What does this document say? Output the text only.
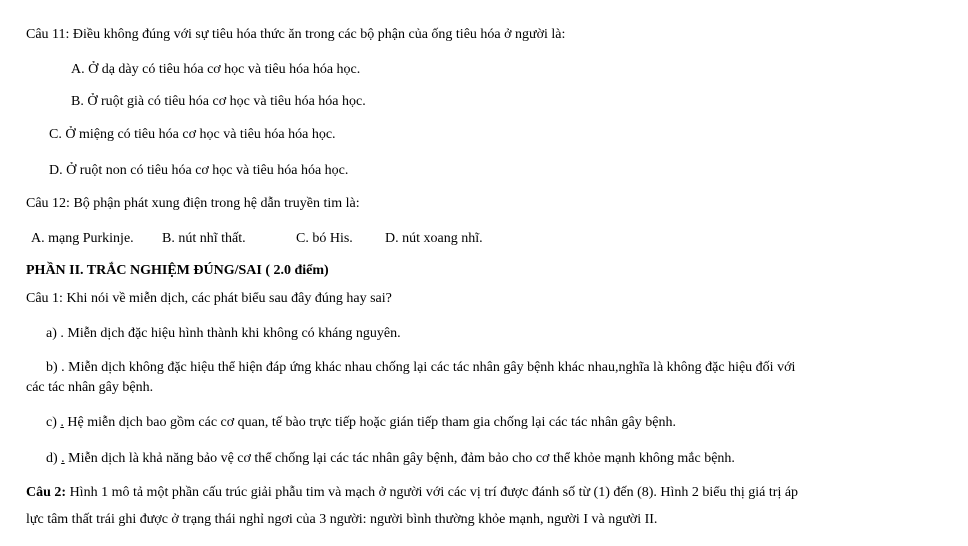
Câu 11: Điều không đúng với sự tiêu hóa thức ăn trong các bộ phận của ống tiêu hóa ở người là:
A. Ở dạ dày có tiêu hóa cơ học và tiêu hóa hóa học.
B. Ở ruột già có tiêu hóa cơ học và tiêu hóa hóa học.
C. Ở miệng có tiêu hóa cơ học và tiêu hóa hóa học.
D. Ở ruột non có tiêu hóa cơ học và tiêu hóa hóa học.
Câu 12: Bộ phận phát xung điện trong hệ dẫn truyền tim là:
A. mạng Purkinje. B. nút nhĩ thất.	C. bó His. D. nút xoang nhĩ.
PHẦN II. TRẮC NGHIỆM ĐÚNG/SAI ( 2.0 điểm)
Câu 1: Khi nói về miễn dịch, các phát biểu sau đây đúng hay sai?
a) . Miễn dịch đặc hiệu hình thành khi không có kháng nguyên.
b) . Miễn dịch không đặc hiệu thể hiện đáp ứng khác nhau chống lại các tác nhân gây bệnh khác nhau,nghĩa là không đặc hiệu đối với
các tác nhân gây bệnh.
c) . Hệ miễn dịch bao gồm các cơ quan, tế bào trực tiếp hoặc gián tiếp tham gia chống lại các tác nhân gây bệnh.
d) . Miễn dịch là khả năng bảo vệ cơ thể chống lại các tác nhân gây bệnh, đảm bảo cho cơ thể khỏe mạnh không mắc bệnh.
Câu 2: Hình 1 mô tả một phần cấu trúc giải phẫu tim và mạch ở người với các vị trí được đánh số từ (1) đến (8). Hình 2 biểu thị giá trị áp
lực tâm thất trái ghi được ở trạng thái nghỉ ngơi của 3 người: người bình thường khỏe mạnh, người I và người II.
